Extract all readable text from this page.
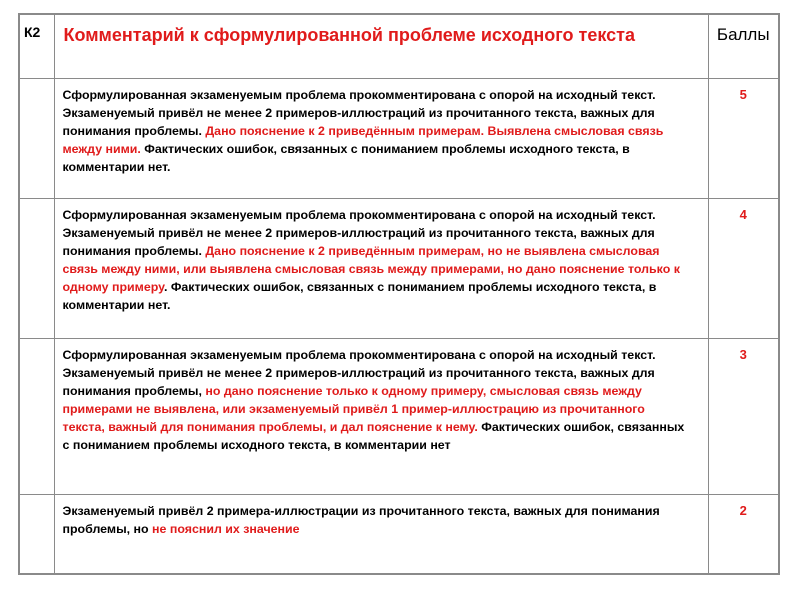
К2	Комментарий к сформулированной проблеме исходного текста	Баллы
	Сформулированная экзаменуемым проблема прокомментирована с опорой на исходный текст. Экзаменуемый привёл не менее 2 примеров-иллюстраций из прочитанного текста, важных для понимания проблемы. Дано пояснение к 2 приведённым примерам. Выявлена смысловая связь между ними. Фактических ошибок, связанных с пониманием проблемы исходного текста, в комментарии нет.	5
	Сформулированная экзаменуемым проблема прокомментирована с опорой на исходный текст. Экзаменуемый привёл не менее 2 примеров-иллюстраций из прочитанного текста, важных для понимания проблемы. Дано пояснение к 2 приведённым примерам, но не выявлена смысловая связь между ними, или выявлена смысловая связь между примерами, но дано пояснение только к одному примеру. Фактических ошибок, связанных с пониманием проблемы исходного текста, в комментарии нет.	4
	Сформулированная экзаменуемым проблема прокомментирована с опорой на исходный текст. Экзаменуемый привёл не менее 2 примеров-иллюстраций из прочитанного текста, важных для понимания проблемы, но дано пояснение только к одному примеру, смысловая связь между примерами не выявлена, или экзаменуемый привёл 1 пример-иллюстрацию из прочитанного текста, важный для понимания проблемы, и дал пояснение к нему. Фактических ошибок, связанных с пониманием проблемы исходного текста, в комментарии нет	3
	Экзаменуемый привёл 2 примера-иллюстрации из прочитанного текста, важных для понимания проблемы, но не пояснил их значение	2
